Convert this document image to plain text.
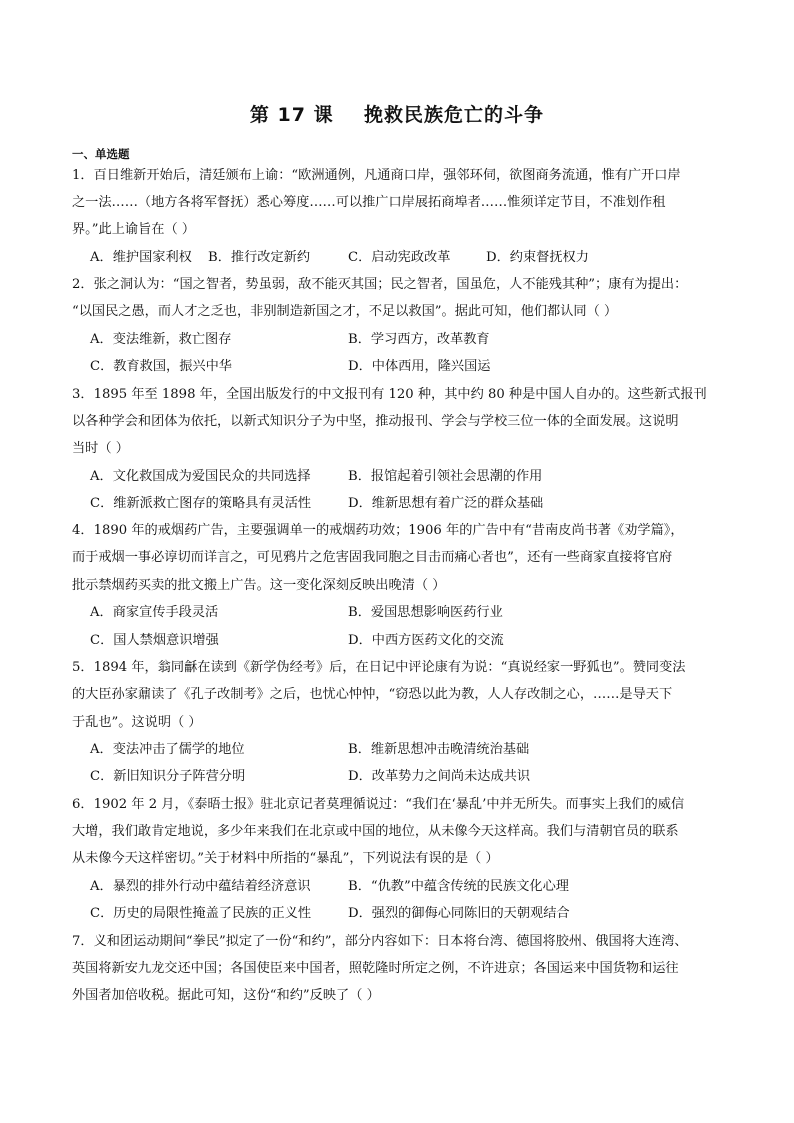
第 17 课    挽救民族危亡的斗争
一、单选题
1．百日维新开始后，清廷颁布上谕：“欧洲通例，凡通商口岸，强邻环伺，欲图商务流通，惟有广开口岸
之一法……（地方各将军督抚）悉心筹度……可以推广口岸展拓商埠者……惟须详定节目，不准划作租
界。”此上谕旨在（ ）
A．维护国家利权 B．推行改定新约	C．启动宪政改革	D．约束督抚权力
2．张之洞认为：“国之智者，势虽弱，敌不能灭其国；民之智者，国虽危，人不能残其种”；康有为提出：
“以国民之愚，而人才之乏也，非别制造新国之才，不足以救国”。据此可知，他们都认同（ ）
A．变法维新，救亡图存	B．学习西方，改革教育
C．教育救国，振兴中华	D．中体西用，隆兴国运
3．1895 年至 1898 年，全国出版发行的中文报刊有 120 种，其中约 80 种是中国人自办的。这些新式报刊
以各种学会和团体为依托，以新式知识分子为中坚，推动报刊、学会与学校三位一体的全面发展。这说明
当时（ ）
A．文化救国成为爱国民众的共同选择	B．报馆起着引领社会思潮的作用
C．维新派救亡图存的策略具有灵活性	D．维新思想有着广泛的群众基础
4．1890 年的戒烟药广告，主要强调单一的戒烟药功效；1906 年的广告中有“昔南皮尚书著《劝学篇》，
而于戒烟一事必谆切而详言之，可见鸦片之危害固我同胞之目击而痛心者也”，还有一些商家直接将官府
批示禁烟药买卖的批文搬上广告。这一变化深刻反映出晚清（ ）
A．商家宣传手段灵活	B．爱国思想影响医药行业
C．国人禁烟意识增强	D．中西方医药文化的交流
5．1894 年，翁同龢在读到《新学伪经考》后，在日记中评论康有为说：“真说经家一野狐也”。赞同变法
的大臣孙家鼐读了《孔子改制考》之后，也忧心忡忡，“窃恐以此为教，人人存改制之心，……是导天下
于乱也”。这说明（ ）
A．变法冲击了儒学的地位	B．维新思想冲击晚清统治基础
C．新旧知识分子阵营分明	D．改革势力之间尚未达成共识
6．1902 年 2 月，《泰晤士报》驻北京记者莫理循说过：“我们在‘暴乱’中并无所失。而事实上我们的威信
大增，我们敢肯定地说，多少年来我们在北京或中国的地位，从未像今天这样高。我们与清朝官员的联系
从未像今天这样密切。”关于材料中所指的“暴乱”，下列说法有误的是（ ）
A．暴烈的排外行动中蕴结着经济意识	B．“仇教”中蕴含传统的民族文化心理
C．历史的局限性掩盖了民族的正义性	D．强烈的御侮心同陈旧的天朝观结合
7．义和团运动期间“拳民”拟定了一份“和约”，部分内容如下：日本将台湾、德国将胶州、俄国将大连湾、
英国将新安九龙交还中国；各国使臣来中国者，照乾隆时所定之例，不许进京；各国运来中国货物和运往
外国者加倍收税。据此可知，这份“和约”反映了（ ）
